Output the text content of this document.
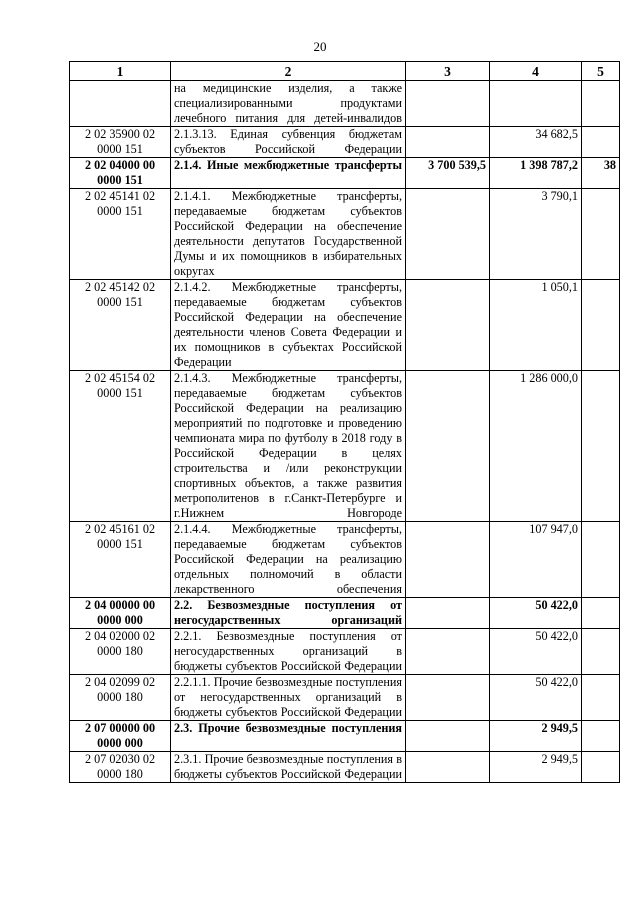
20
1	2	3	4	5
	на медицинские изделия, а также специализированными продуктами лечебного питания для детей-инвалидов			
2 02 35900 02 0000 151	2.1.3.13. Единая субвенция бюджетам субъектов Российской Федерации		34 682,5	
2 02 04000 00 0000 151	2.1.4. Иные межбюджетные трансферты	3 700 539,5	1 398 787,2	38
2 02 45141 02 0000 151	2.1.4.1. Межбюджетные трансферты, передаваемые бюджетам субъектов Российской Федерации на обеспечение деятельности депутатов Государственной Думы и их помощников в избирательных округах		3 790,1	
2 02 45142 02 0000 151	2.1.4.2. Межбюджетные трансферты, передаваемые бюджетам субъектов Российской Федерации на обеспечение деятельности членов Совета Федерации и их помощников в субъектах Российской Федерации		1 050,1	
2 02 45154 02 0000 151	2.1.4.3. Межбюджетные трансферты, передаваемые бюджетам субъектов Российской Федерации на реализацию мероприятий по подготовке и проведению чемпионата мира по футболу в 2018 году в Российской Федерации в целях строительства и /или реконструкции спортивных объектов, а также развития метрополитенов в г.Санкт-Петербурге и г.Нижнем Новгороде		1 286 000,0	
2 02 45161 02 0000 151	2.1.4.4. Межбюджетные трансферты, передаваемые бюджетам субъектов Российской Федерации на реализацию отдельных полномочий в области лекарственного обеспечения		107 947,0	
2 04 00000 00 0000 000	2.2. Безвозмездные поступления от негосударственных организаций		50 422,0	
2 04 02000 02 0000 180	2.2.1. Безвозмездные поступления от негосударственных организаций в бюджеты субъектов Российской Федерации		50 422,0	
2 04 02099 02 0000 180	2.2.1.1. Прочие безвозмездные поступления от негосударственных организаций в бюджеты субъектов Российской Федерации		50 422,0	
2 07 00000 00 0000 000	2.3. Прочие безвозмездные поступления		2 949,5	
2 07 02030 02 0000 180	2.3.1. Прочие безвозмездные поступления в бюджеты субъектов Российской Федерации		2 949,5	
